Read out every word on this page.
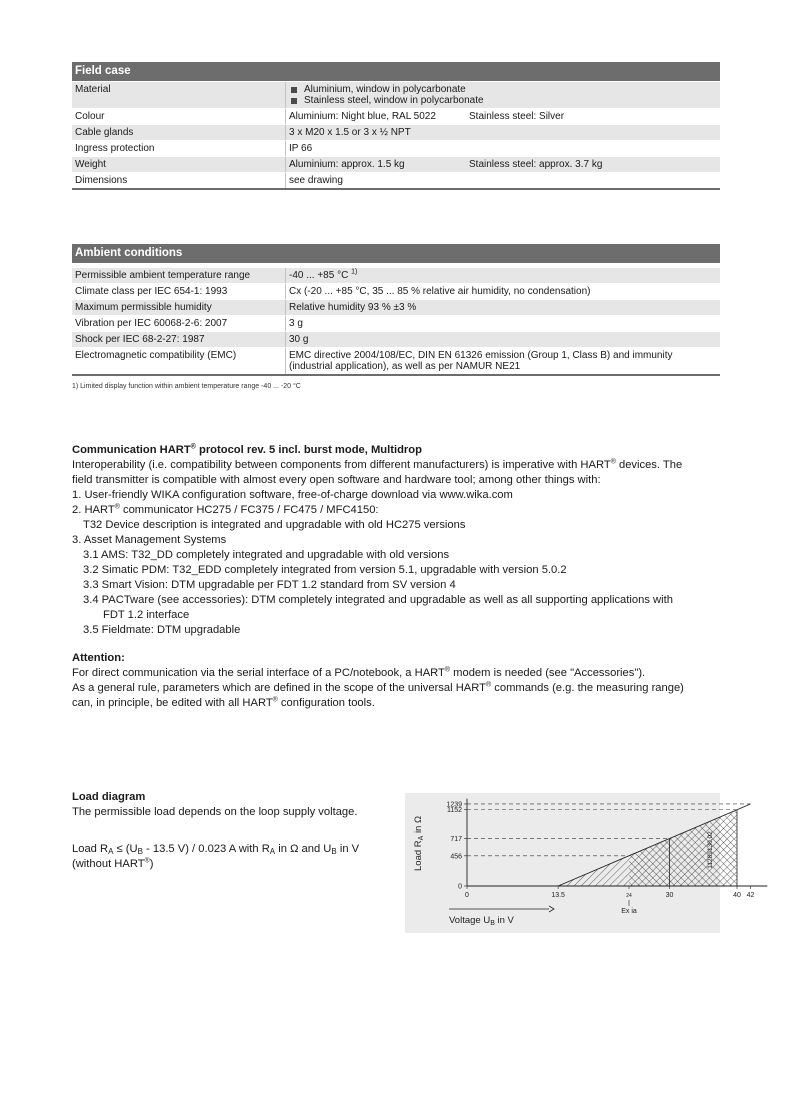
Field case
Material	Aluminium, window in polycarbonate
Stainless steel, window in polycarbonate
Colour	Aluminium: Night blue, RAL 5022	Stainless steel: Silver
Cable glands	3 x M20 x 1.5 or 3 x ½ NPT
Ingress protection	IP 66
Weight	Aluminium: approx. 1.5 kg	Stainless steel: approx. 3.7 kg
Dimensions	see drawing
Ambient conditions
Permissible ambient temperature range	-40 ... +85 °C $^{1)}$
Climate class per IEC 654-1: 1993	Cx (-20 ... +85 °C, 35 ... 85 % relative air humidity, no condensation)
Maximum permissible humidity	Relative humidity 93 % ±3 %
Vibration per IEC 60068-2-6: 2007	3 g
Shock per IEC 68-2-27: 1987	30 g
Electromagnetic compatibility (EMC)	EMC directive 2004/108/EC, DIN EN 61326 emission (Group 1, Class B) and immunity
(industrial application), as well as per NAMUR NE21
1) Limited display function within ambient temperature range -40 ... -20 °C
Communication HART® protocol rev. 5 incl. burst mode, Multidrop
Interoperability (i.e. compatibility between components from different manufacturers) is imperative with HART® devices. The
field transmitter is compatible with almost every open software and hardware tool; among other things with:
1. User-friendly WIKA configuration software, free-of-charge download via www.wika.com
2. HART® communicator HC275 / FC375 / FC475 / MFC4150:
T32 Device description is integrated and upgradable with old HC275 versions
3. Asset Management Systems
3.1 AMS: T32_DD completely integrated and upgradable with old versions
3.2 Simatic PDM: T32_EDD completely integrated from version 5.1, upgradable with version 5.0.2
3.3 Smart Vision: DTM upgradable per FDT 1.2 standard from SV version 4
3.4 PACTware (see accessories): DTM completely integrated and upgradable as well as all supporting applications with
FDT 1.2 interface
3.5 Fieldmate: DTM upgradable
Attention:
For direct communication via the serial interface of a PC/notebook, a HART® modem is needed (see "Accessories").
As a general rule, parameters which are defined in the scope of the universal HART® commands (e.g. the measuring range)
can, in principle, be edited with all HART® configuration tools.
Load diagram
The permissible load depends on the loop supply voltage.
Load RA ≤ (UB - 13.5 V) / 0.023 A with RA in Ω and UB in V
(without HART®)
1239
1152
717
456
0
0	13.5	24	30	40 42
Ex ia
Load $R_A$ in Ω
Voltage $U_B$ in V
11289130.02
